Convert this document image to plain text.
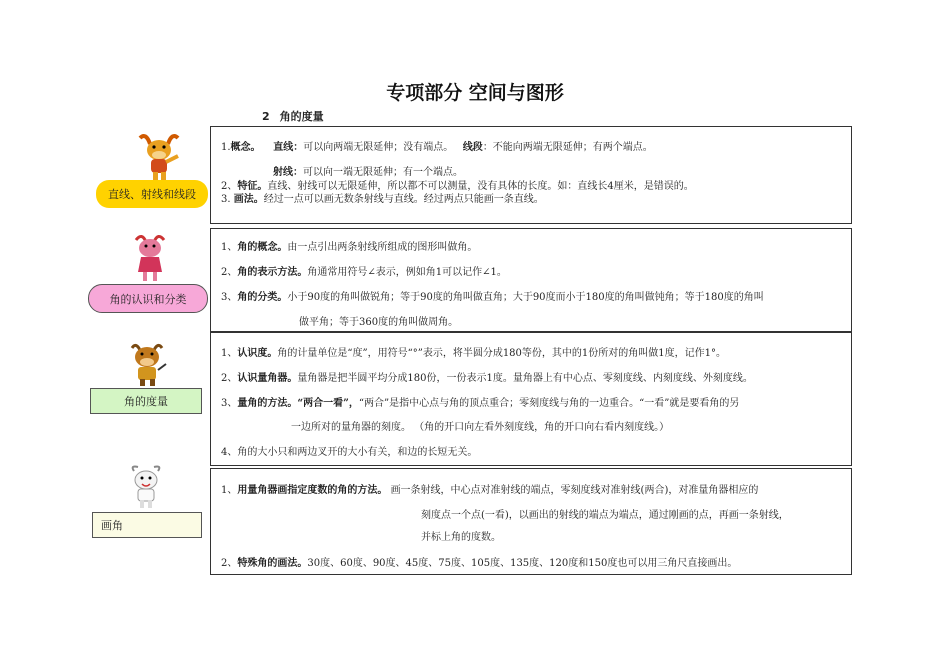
专项部分 空间与图形
2 角的度量
直线、射线和线段
1.概念。 直线：可以向两端无限延伸；没有端点。   线段：不能向两端无限延伸；有两个端点。
射线：可以向一端无限延伸；有一个端点。
2、特征。直线、射线可以无限延伸，所以都不可以测量，没有具体的长度。如：直线长4厘米，是错误的。
3. 画法。经过一点可以画无数条射线与直线。经过两点只能画一条直线。
角的认识和分类
1、角的概念。由一点引出两条射线所组成的图形叫做角。
2、角的表示方法。角通常用符号∠表示，例如角1可以记作∠1。
3、角的分类。小于90度的角叫做锐角；等于90度的角叫做直角；大于90度而小于180度的角叫做钝角；等于180度的角叫
做平角；等于360度的角叫做周角。
角的度量
1、认识度。角的计量单位是“度”，用符号“°”表示，将半圆分成180等份，其中的1份所对的角叫做1度，记作1°。
2、认识量角器。量角器是把半圆平均分成180份，一份表示1度。量角器上有中心点、零刻度线、内刻度线、外刻度线。
3、量角的方法。“两合一看”，“两合”是指中心点与角的顶点重合；零刻度线与角的一边重合。“一看”就是要看角的另
一边所对的量角器的刻度。 （角的开口向左看外刻度线，角的开口向右看内刻度线。）
4、角的大小只和两边叉开的大小有关，和边的长短无关。
画角
1、用量角器画指定度数的角的方法。 画一条射线，中心点对准射线的端点，零刻度线对准射线(两合)，对准量角器相应的
刻度点一个点(一看)，以画出的射线的端点为端点，通过刚画的点，再画一条射线，
并标上角的度数。
2、特殊角的画法。30度、60度、90度、45度、75度、105度、135度、120度和150度也可以用三角尺直接画出。
